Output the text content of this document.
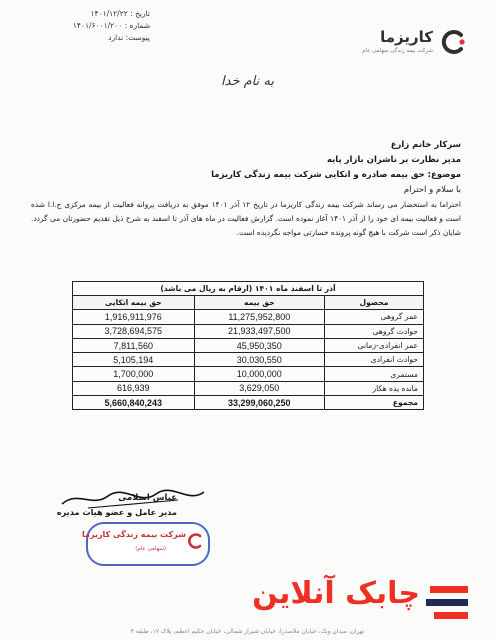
تاریخ : ۱۴۰۱/۱۲/۲۲
شماره : ۱۴۰۱/۶۰۰۱/۲۰۰
پیوست: ندارد	کاریزما
شرکت بیمه زندگی سهامی عام
به نام خدا
سرکار خانم زارع
مدیر نظارت بر ناشران بازار پایه
موضوع: حق بیمه صادره و اتکایی شرکت بیمه زندگی کاریزما
با سلام و احترام
احتراما به استحضار می رساند شرکت بیمه زندگی کاریزما در تاریخ ۱۲ آذر ۱۴۰۱ موفق به دریافت پروانه فعالیت از بیمه مرکزی ج.ا.ا شده است و فعالیت بیمه ای خود را از آذر ۱۴۰۱ آغاز نموده است. گزارش فعالیت در ماه های آذر تا اسفند به شرح ذیل تقدیم حضورتان می گردد. شایان ذکر است شرکت با هیچ گونه پرونده خسارتی مواجه نگردیده است.
آذر تا اسفند ماه ۱۴۰۱ (ارقام به ریال می باشد)		
محصول	حق بیمه	حق بیمه اتکایی
عمر گروهی	11,275,952,800	1,916,911,976
حوادث گروهی	21,933,497,500	3,728,694,575
عمر انفرادی-زمانی	45,950,350	7,811,560
حوادث انفرادی	30,030,550	5,105,194
مستمری	10,000,000	1,700,000
مانده یده هکار	3,629,050	616,939
مجموع	33,299,060,250	5,660,840,243
عباس اسلامی
مدیر عامل و عضو هیات مدیره
شرکت بیمه زندگی کاریزما
(سهامی عام)
چابک آنلاین
تهران، میدان ونک، خیابان ملاصدرا، خیابان شیراز شمالی، خیابان حکیم اعظم، پلاک ۱۷، طبقه ۳
